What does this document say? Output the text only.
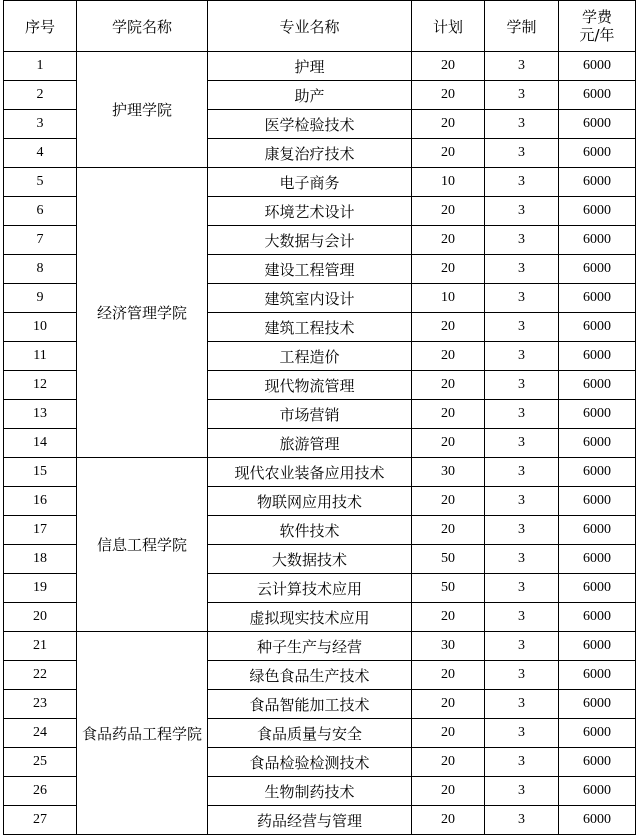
序号	学院名称	专业名称	计划	学制	学费
元/年
1	护理学院	护理	20	3	6000
2		助产	20	3	6000
3		医学检验技术	20	3	6000
4		康复治疗技术	20	3	6000
5	经济管理学院	电子商务	10	3	6000
6		环境艺术设计	20	3	6000
7		大数据与会计	20	3	6000
8		建设工程管理	20	3	6000
9		建筑室内设计	10	3	6000
10		建筑工程技术	20	3	6000
11		工程造价	20	3	6000
12		现代物流管理	20	3	6000
13		市场营销	20	3	6000
14		旅游管理	20	3	6000
15	信息工程学院	现代农业装备应用技术	30	3	6000
16		物联网应用技术	20	3	6000
17		软件技术	20	3	6000
18		大数据技术	50	3	6000
19		云计算技术应用	50	3	6000
20		虚拟现实技术应用	20	3	6000
21	食品药品工程学院	种子生产与经营	30	3	6000
22		绿色食品生产技术	20	3	6000
23		食品智能加工技术	20	3	6000
24		食品质量与安全	20	3	6000
25		食品检验检测技术	20	3	6000
26		生物制药技术	20	3	6000
27		药品经营与管理	20	3	6000
